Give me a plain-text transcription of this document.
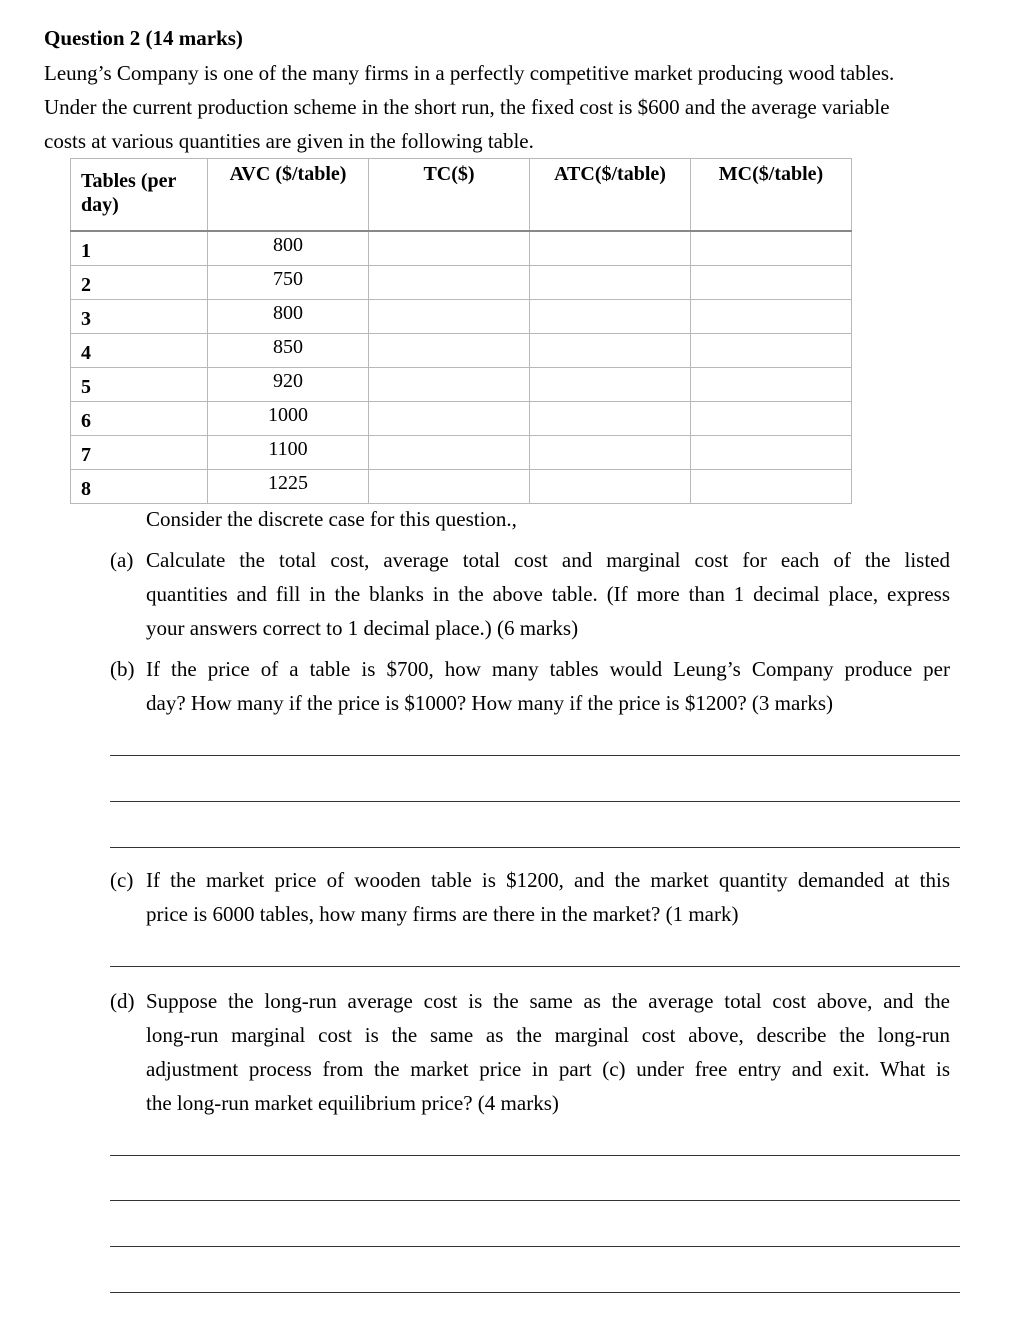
Question 2 (14 marks)
Leung’s Company is one of the many firms in a perfectly competitive market producing wood tables.
Under the current production scheme in the short run, the fixed cost is $600 and the average variable
costs at various quantities are given in the following table.
Tables (per
day)	AVC ($/table)	TC($)	ATC($/table)	MC($/table)
1	800			
2	750			
3	800			
4	850			
5	920			
6	1000			
7	1100			
8	1225			
Consider the discrete case for this question.,
(a) Calculate the total cost, average total cost and marginal cost for each of the listed
quantities and fill in the blanks in the above table. (If more than 1 decimal place, express
your answers correct to 1 decimal place.) (6 marks)
(b) If the price of a table is $700, how many tables would Leung’s Company produce per
day? How many if the price is $1000? How many if the price is $1200? (3 marks)
(c) If the market price of wooden table is $1200, and the market quantity demanded at this
price is 6000 tables, how many firms are there in the market? (1 mark)
(d) Suppose the long-run average cost is the same as the average total cost above, and the
long-run marginal cost is the same as the marginal cost above, describe the long-run
adjustment process from the market price in part (c) under free entry and exit. What is
the long-run market equilibrium price? (4 marks)
